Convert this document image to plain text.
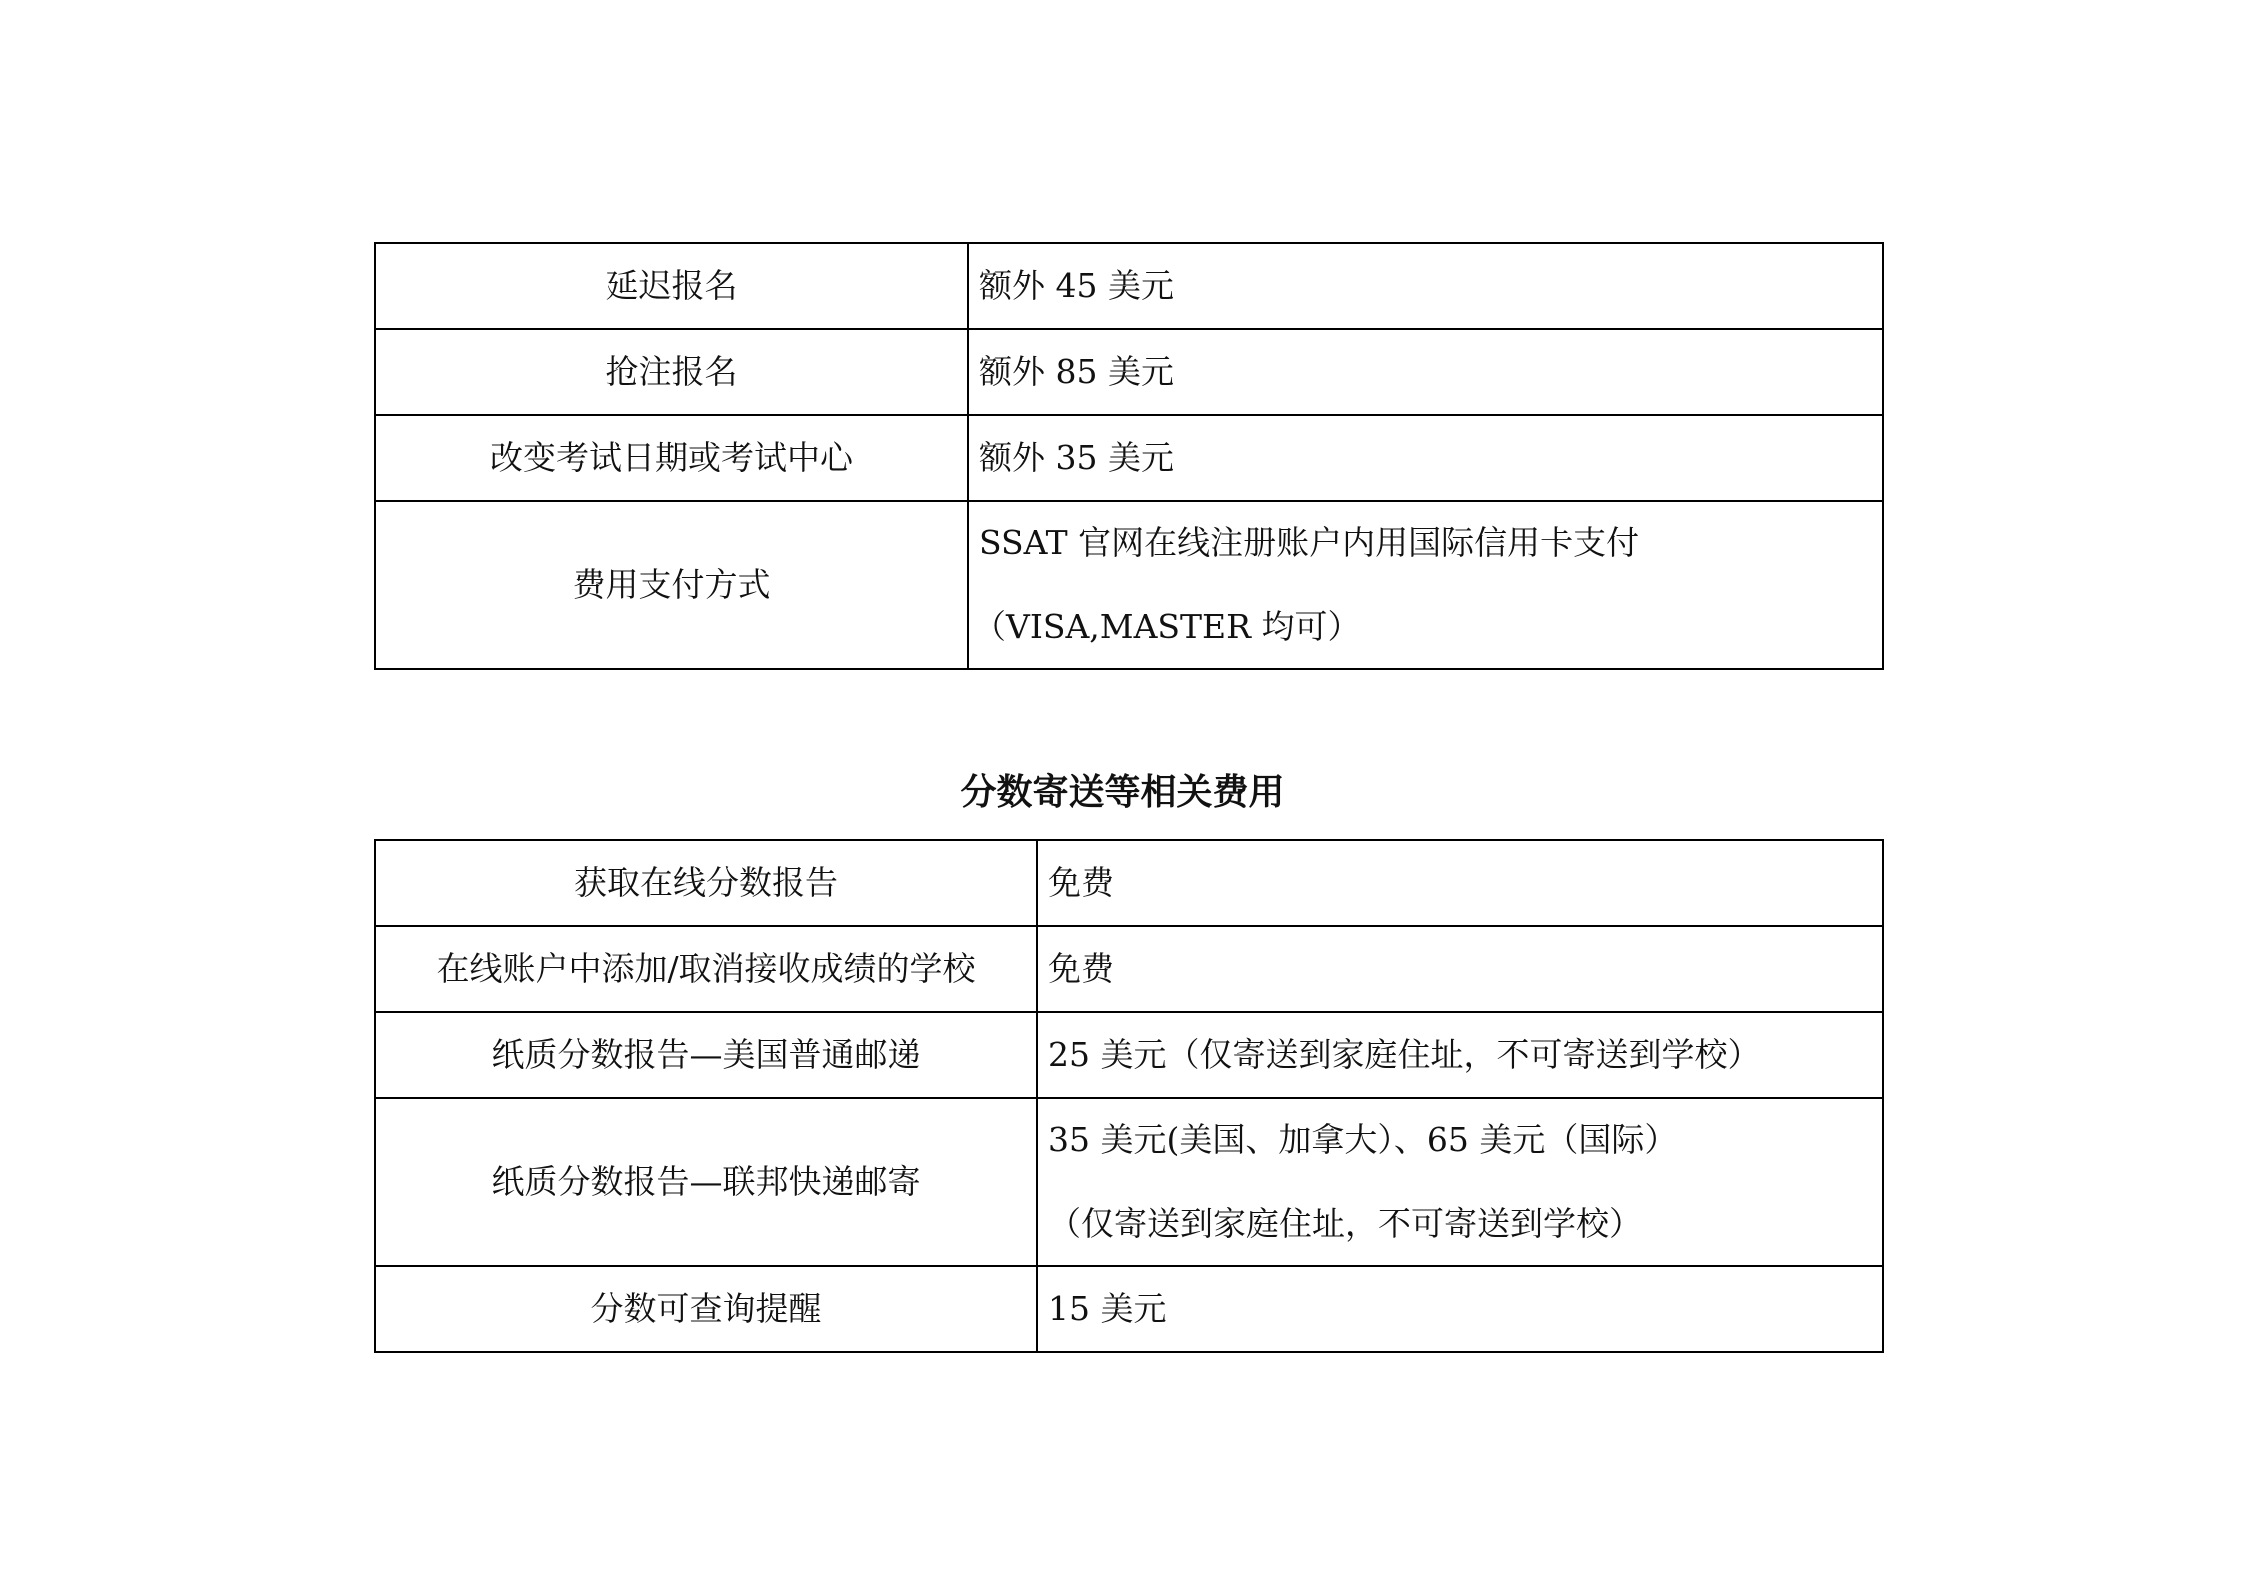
延迟报名	额外 45 美元
抢注报名	额外 85 美元
改变考试日期或考试中心	额外 35 美元
费用支付方式	SSAT 官网在线注册账户内用国际信用卡支付
（VISA,MASTER 均可）
分数寄送等相关费用
获取在线分数报告	免费
在线账户中添加/取消接收成绩的学校	免费
纸质分数报告—美国普通邮递	25 美元（仅寄送到家庭住址，不可寄送到学校）
纸质分数报告—联邦快递邮寄	35 美元(美国、加拿大）、65 美元（国际）
（仅寄送到家庭住址，不可寄送到学校）

分数可查询提醒	15 美元
